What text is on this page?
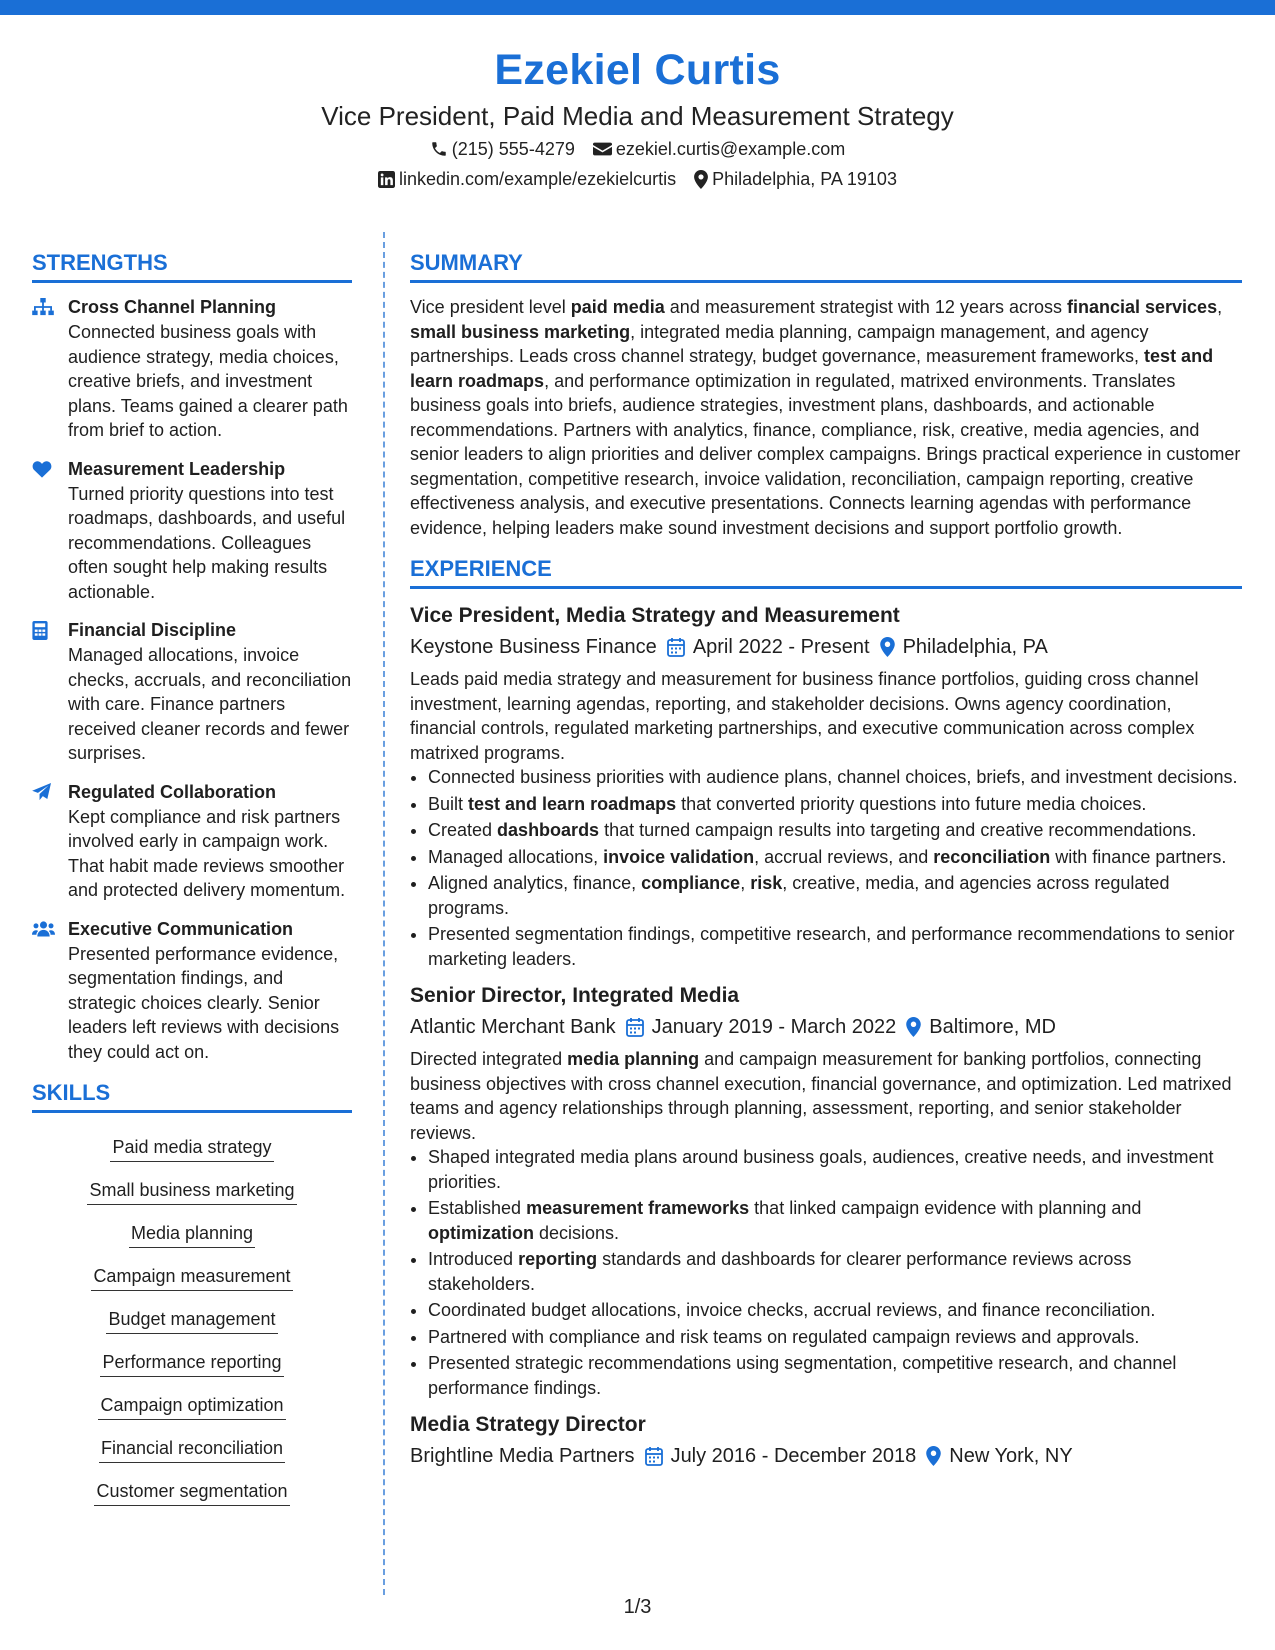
Ezekiel Curtis
Vice President, Paid Media and Measurement Strategy
(215) 555-4279 ezekiel.curtis@example.com
linkedin.com/example/ezekielcurtis Philadelphia, PA 19103
STRENGTHS
Cross Channel Planning
Connected business goals with audience strategy, media choices, creative briefs, and investment plans. Teams gained a clearer path from brief to action.
Measurement Leadership
Turned priority questions into test roadmaps, dashboards, and useful recommendations. Colleagues often sought help making results actionable.
Financial Discipline
Managed allocations, invoice checks, accruals, and reconciliation with care. Finance partners received cleaner records and fewer surprises.
Regulated Collaboration
Kept compliance and risk partners involved early in campaign work. That habit made reviews smoother and protected delivery momentum.
Executive Communication
Presented performance evidence, segmentation findings, and strategic choices clearly. Senior leaders left reviews with decisions they could act on.
SKILLS
Paid media strategy
Small business marketing
Media planning
Campaign measurement
Budget management
Performance reporting
Campaign optimization
Financial reconciliation
Customer segmentation
SUMMARY
Vice president level paid media and measurement strategist with 12 years across financial services, small business marketing, integrated media planning, campaign management, and agency partnerships. Leads cross channel strategy, budget governance, measurement frameworks, test and learn roadmaps, and performance optimization in regulated, matrixed environments. Translates business goals into briefs, audience strategies, investment plans, dashboards, and actionable recommendations. Partners with analytics, finance, compliance, risk, creative, media agencies, and senior leaders to align priorities and deliver complex campaigns. Brings practical experience in customer segmentation, competitive research, invoice validation, reconciliation, campaign reporting, creative effectiveness analysis, and executive presentations. Connects learning agendas with performance evidence, helping leaders make sound investment decisions and support portfolio growth.
EXPERIENCE
Vice President, Media Strategy and Measurement
Keystone Business Finance April 2022 - Present Philadelphia, PA
Leads paid media strategy and measurement for business finance portfolios, guiding cross channel investment, learning agendas, reporting, and stakeholder decisions. Owns agency coordination, financial controls, regulated marketing partnerships, and executive communication across complex matrixed programs.
• Connected business priorities with audience plans, channel choices, briefs, and investment decisions.
• Built test and learn roadmaps that converted priority questions into future media choices.
• Created dashboards that turned campaign results into targeting and creative recommendations.
• Managed allocations, invoice validation, accrual reviews, and reconciliation with finance partners.
• Aligned analytics, finance, compliance, risk, creative, media, and agencies across regulated programs.
• Presented segmentation findings, competitive research, and performance recommendations to senior marketing leaders.
Senior Director, Integrated Media
Atlantic Merchant Bank January 2019 - March 2022 Baltimore, MD
Directed integrated media planning and campaign measurement for banking portfolios, connecting business objectives with cross channel execution, financial governance, and optimization. Led matrixed teams and agency relationships through planning, assessment, reporting, and senior stakeholder reviews.
• Shaped integrated media plans around business goals, audiences, creative needs, and investment priorities.
• Established measurement frameworks that linked campaign evidence with planning and optimization decisions.
• Introduced reporting standards and dashboards for clearer performance reviews across stakeholders.
• Coordinated budget allocations, invoice checks, accrual reviews, and finance reconciliation.
• Partnered with compliance and risk teams on regulated campaign reviews and approvals.
• Presented strategic recommendations using segmentation, competitive research, and channel performance findings.
Media Strategy Director
Brightline Media Partners July 2016 - December 2018 New York, NY
1/3
